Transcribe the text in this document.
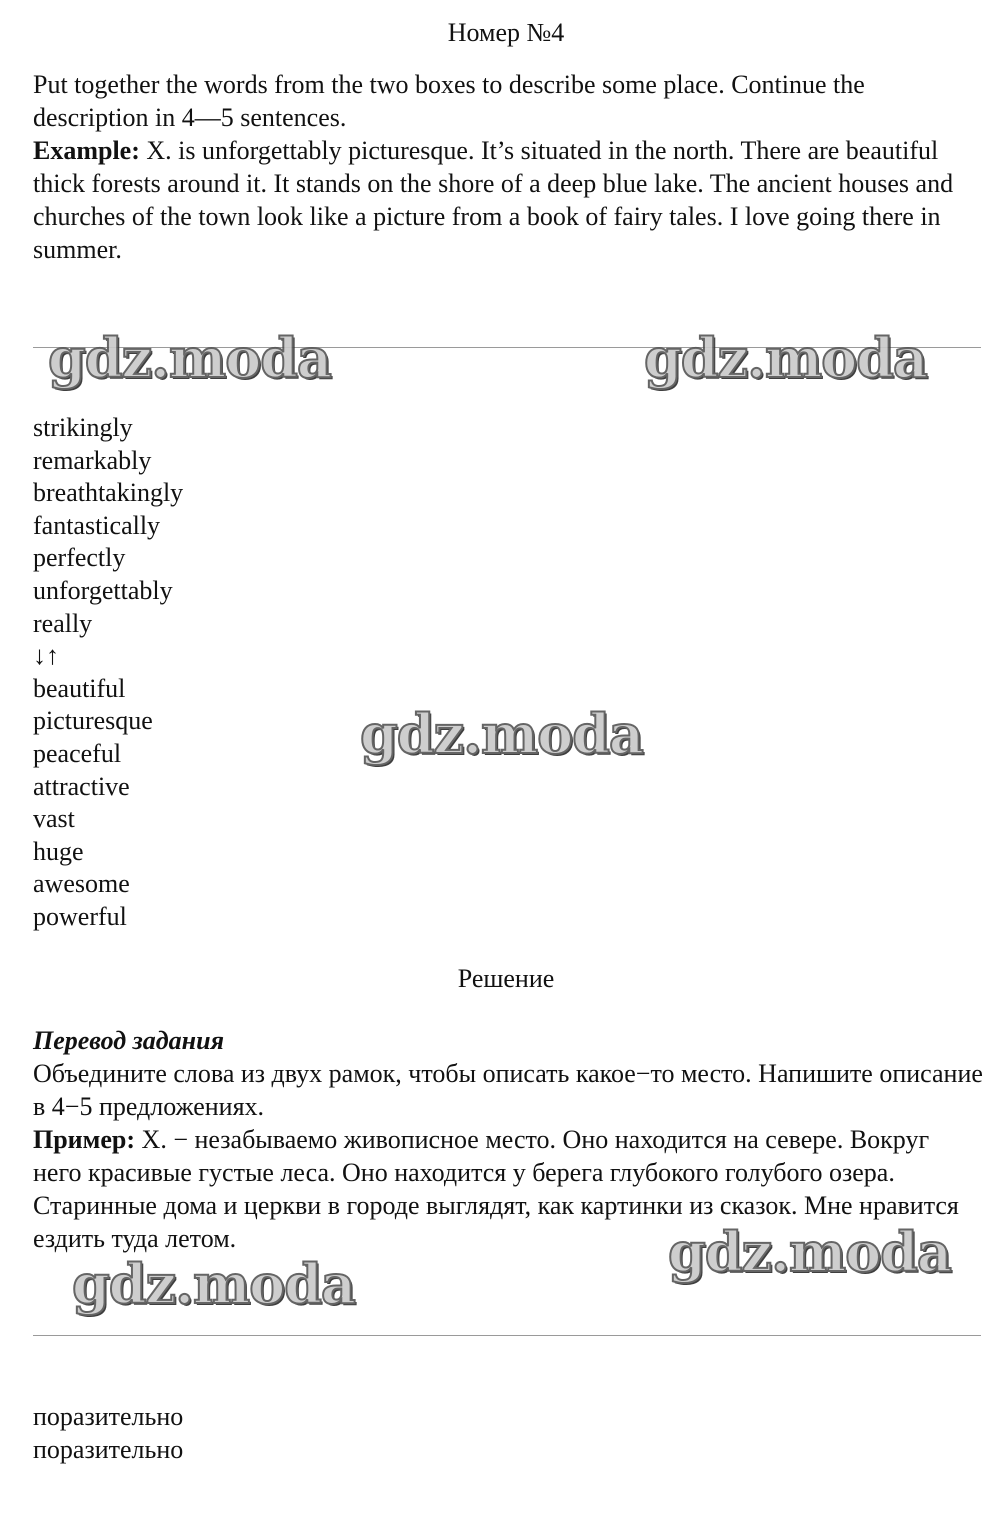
Номер №4

Put together the words from the two boxes to describe some place. Continue the description in 4—5 sentences.

Example: X. is unforgettably picturesque. It’s situated in the north. There are beautiful thick forests around it. It stands on the shore of a deep blue lake. The ancient houses and churches of the town look like a picture from a book of fairy tales. I love going there in summer.

strikingly
remarkably
breathtakingly
fantastically
perfectly
unforgettably
really
↓↑
beautiful
picturesque
peaceful
attractive
vast
huge
awesome
powerful
Решение

Перевод задания

Объедините слова из двух рамок, чтобы описать какое−то место. Напишите описание в 4−5 предложениях.

Пример: Х. − незабываемо живописное место. Оно находится на севере. Вокруг него красивые густые леса. Оно находится у берега глубокого голубого озера. Старинные дома и церкви в городе выглядят, как картинки из сказок. Мне нравится ездить туда летом.

поразительно
поразительно
gdz.moda	gdz.moda
gdz.moda
gdz.moda
gdz.moda
